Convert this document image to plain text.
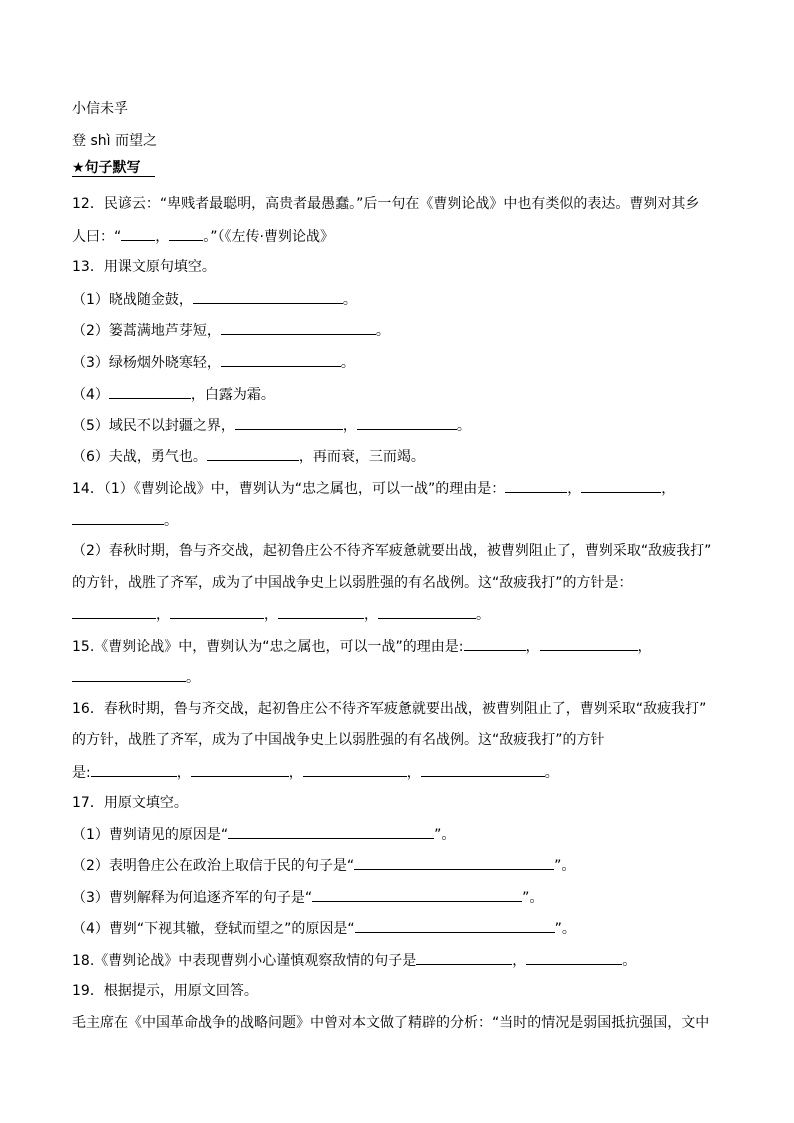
小信未孚
登 shì 而望之
★句子默写
12．民谚云：“卑贱者最聪明，高贵者最愚蠢。”后一句在《曹刿论战》中也有类似的表达。曹刿对其乡
人曰：“ ， 。”（《左传·曹刿论战》
13．用课文原句填空。
（1）晓战随金鼓，	。
（2）篓蒿满地芦芽短，	。
（3）绿杨烟外晓寒轻，	。
（4）	，白露为霜。
（5）域民不以封疆之界，	，	。
（6）夫战，勇气也。	，再而衰，三而竭。
14．（1）《曹刿论战》中，曹刿认为“忠之属也，可以一战”的理由是：	，	，
。
（2）春秋时期，鲁与齐交战，起初鲁庄公不待齐军疲惫就要出战，被曹刿阻止了，曹刿采取“敌疲我打”
的方针，战胜了齐军，成为了中国战争史上以弱胜强的有名战例。这“敌疲我打”的方针是：
，	，	，	。
15.《曹刿论战》中，曹刿认为“忠之属也，可以一战”的理由是:	，	，
。
16．春秋时期，鲁与齐交战，起初鲁庄公不待齐军疲惫就要出战，被曹刿阻止了，曹刿采取“敌疲我打”
的方针，战胜了齐军，成为了中国战争史上以弱胜强的有名战例。这“敌疲我打”的方针
是:	，	，	，	。
17．用原文填空。
（1）曹刿请见的原因是“	”。
（2）表明鲁庄公在政治上取信于民的句子是“	”。
（3）曹刿解释为何追逐齐军的句子是“	”。
（4）曹刿“下视其辙，登轼而望之”的原因是“	”。
18.《曹刿论战》中表现曹刿小心谨慎观察敌情的句子是	，	。
19．根据提示，用原文回答。
毛主席在《中国革命战争的战略问题》中曾对本文做了精辟的分析：“当时的情况是弱国抵抗强国，文中
